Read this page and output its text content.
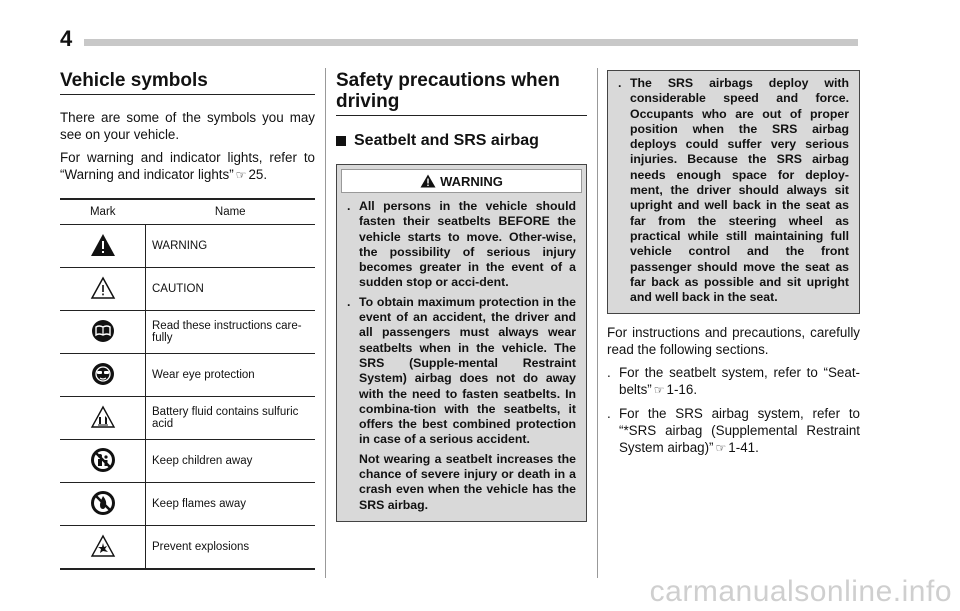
4
Vehicle symbols

There are some of the symbols you may see on your vehicle.

For warning and indicator lights, refer to “Warning and indicator lights” ☞ 25.

Mark	Name
	WARNING
	CAUTION
	Read these instructions care-fully
	Wear eye protection
	Battery fluid contains sulfuric acid
	Keep children away
	Keep flames away
	Prevent explosions
Safety precautions when driving
Seatbelt and SRS airbag
WARNING
. All persons in the vehicle should fasten their seatbelts BEFORE the vehicle starts to move. Other-wise, the possibility of serious injury becomes greater in the event of a sudden stop or acci-dent.
. To obtain maximum protection in the event of an accident, the driver and all passengers must always wear seatbelts when in the vehicle. The SRS (Supple-mental Restraint System) airbag does not do away with the need to fasten seatbelts. In combina-tion with the seatbelts, it offers the best combined protection in case of a serious accident.
Not wearing a seatbelt increases the chance of severe injury or death in a crash even when the vehicle has the SRS airbag.
. The SRS airbags deploy with considerable speed and force. Occupants who are out of proper position when the SRS airbag deploys could suffer very serious injuries. Because the SRS airbag needs enough space for deploy-ment, the driver should always sit upright and well back in the seat as far from the steering wheel as practical while still maintaining full vehicle control and the front passenger should move the seat as far back as possible and sit upright and well back in the seat.
For instructions and precautions, carefully read the following sections.
. For the seatbelt system, refer to “Seat-belts” ☞ 1-16.
. For the SRS airbag system, refer to “*SRS airbag (Supplemental Restraint System airbag)” ☞ 1-41.
carmanualsonline.info
